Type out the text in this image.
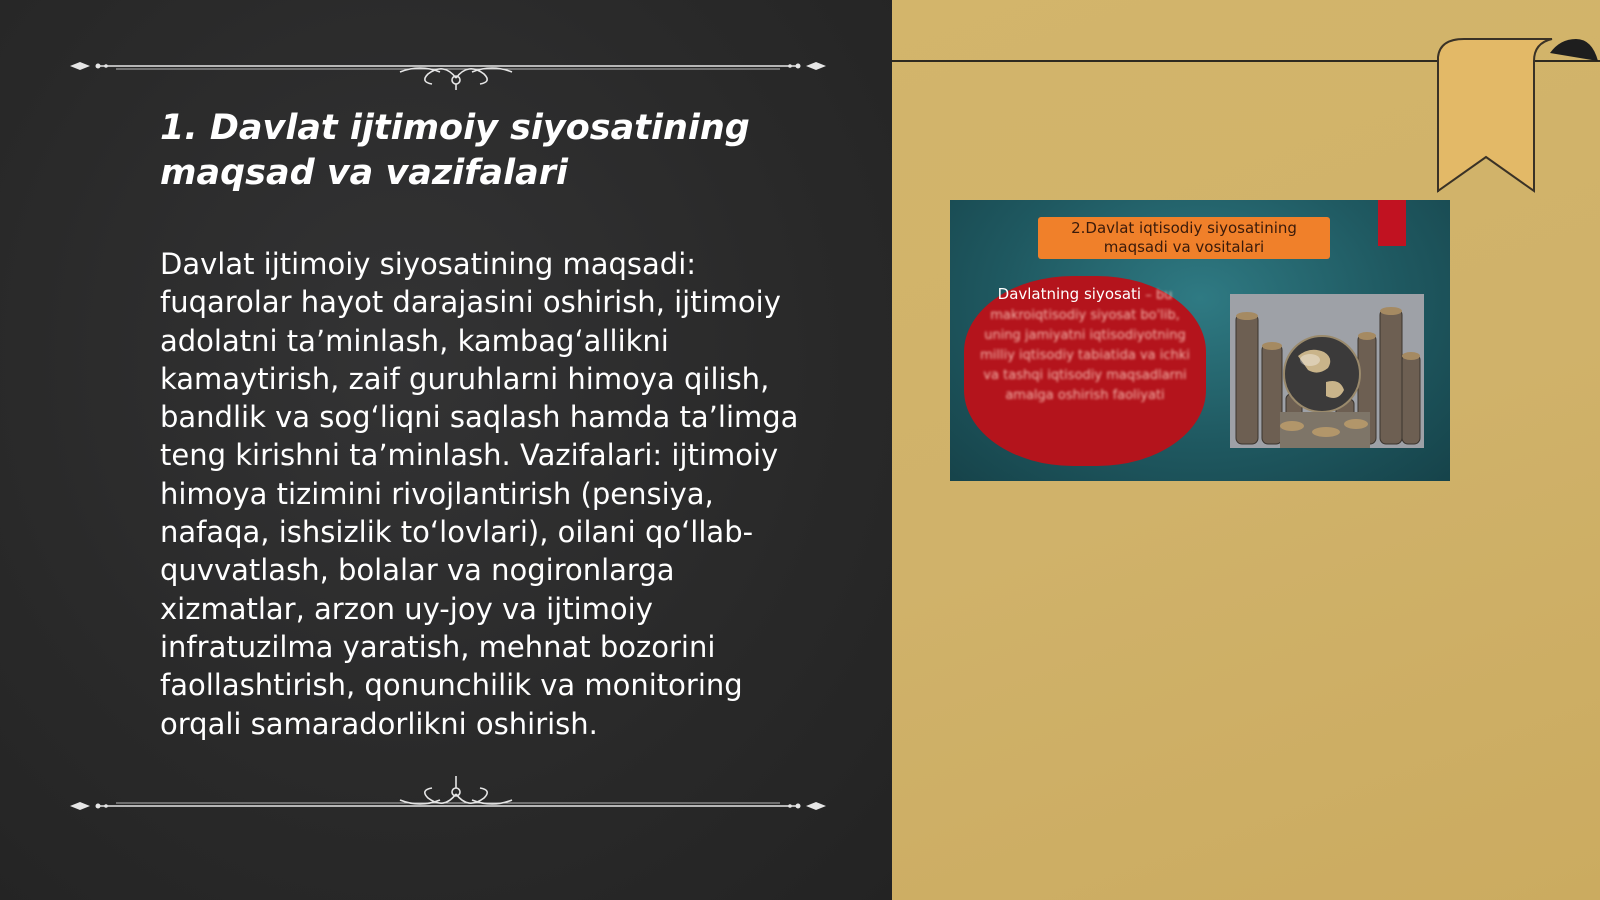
1. Davlat ijtimoiy siyosatining maqsad va vazifalari

Davlat ijtimoiy siyosatining maqsadi: fuqarolar hayot darajasini oshirish, ijtimoiy adolatni taʼminlash, kambagʻallikni kamaytirish, zaif guruhlarni himoya qilish, bandlik va sogʻliqni saqlash hamda taʼlimga teng kirishni taʼminlash. Vazifalari: ijtimoiy himoya tizimini rivojlantirish (pensiya, nafaqa, ishsizlik toʻlovlari), oilani qoʻllab-quvvatlash, bolalar va nogironlarga xizmatlar, arzon uy-joy va ijtimoiy infratuzilma yaratish, mehnat bozorini faollashtirish, qonunchilik va monitoring orqali samaradorlikni oshirish.

2.Davlat iqtisodiy siyosatining maqsadi va vositalari
Davlatning siyosati – bu makroiqtisodiy siyosat bo'lib, uning jamiyatni iqtisodiyotning milliy iqtisodiy tabiatida va ichki va tashqi iqtisodiy maqsadlarni amalga oshirish faoliyati
